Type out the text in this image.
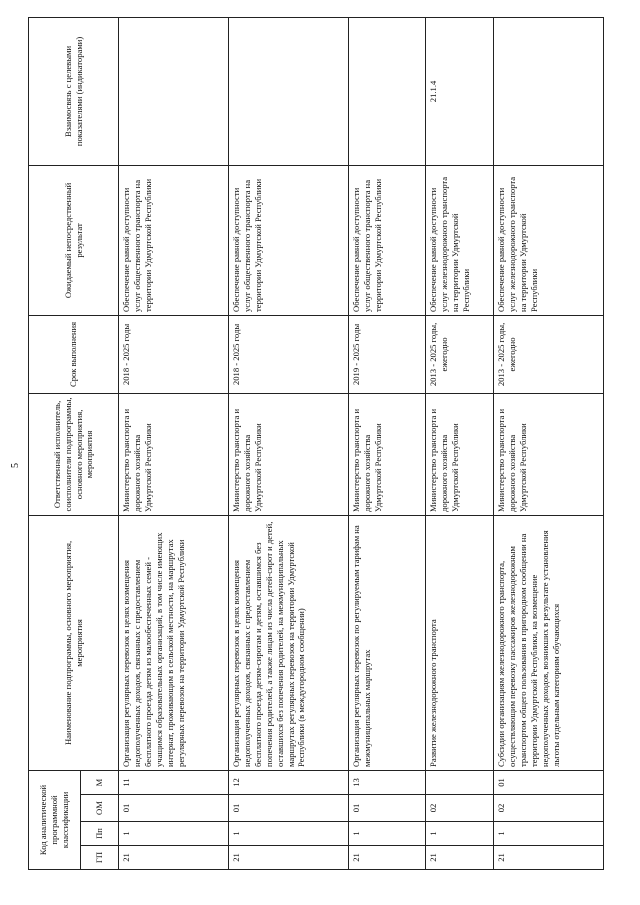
5
Код аналитической программной классификации				Наименование подпрограммы, основного мероприятия, мероприятия	Ответственный исполнитель, соисполнители подпрограммы, основного мероприятия, мероприятия	Срок выполнения	Ожидаемый непосредственный результат	Взаимосвязь с целевыми показателями (индикаторами)
ГП	Пп	ОМ	М					
21	1	01	11	Организация регулярных перевозок в целях возмещения недополученных доходов, связанных с предоставлением бесплатного проезда детям из малообеспеченных семей - учащимся образовательных организаций, в том числе имеющих интернат, проживающим в сельской местности, на маршрутах регулярных перевозок на территории Удмуртской Республики	Министерство транспорта и дорожного хозяйства Удмуртской Республики	2018 - 2025 годы	Обеспечение равной доступности услуг общественного транспорта на территории Удмуртской Республики	
21	1	01	12	Организация регулярных перевозок в целях возмещения недополученных доходов, связанных с предоставлением бесплатного проезда детям-сиротам и детям, оставшимся без попечения родителей, а также лицам из числа детей-сирот и детей, оставшихся без попечения родителей, на межмуниципальных маршрутах регулярных перевозок на территории Удмуртской Республики (в междугородном сообщении)	Министерство транспорта и дорожного хозяйства Удмуртской Республики	2018 - 2025 годы	Обеспечение равной доступности услуг общественного транспорта на территории Удмуртской Республики	
21	1	01	13	Организация регулярных перевозок по регулируемым тарифам на межмуниципальных маршрутах	Министерство транспорта и дорожного хозяйства Удмуртской Республики	2019 - 2025 годы	Обеспечение равной доступности услуг общественного транспорта на территории Удмуртской Республики	
21	1	02		Развитие железнодорожного транспорта	Министерство транспорта и дорожного хозяйства Удмуртской Республики	2013 - 2025 годы, ежегодно	Обеспечение равной доступности услуг железнодорожного транспорта на территории Удмуртской Республики	21.1.4
21	1	02	01	Субсидии организациям железнодорожного транспорта, осуществляющим перевозку пассажиров железнодорожным транспортом общего пользования в пригородном сообщении на территории Удмуртской Республики, на возмещение недополученных доходов, возникших в результате установления льготы отдельным категориям обучающихся	Министерство транспорта и дорожного хозяйства Удмуртской Республики	2013 - 2025 годы, ежегодно	Обеспечение равной доступности услуг железнодорожного транспорта на территории Удмуртской Республики	
